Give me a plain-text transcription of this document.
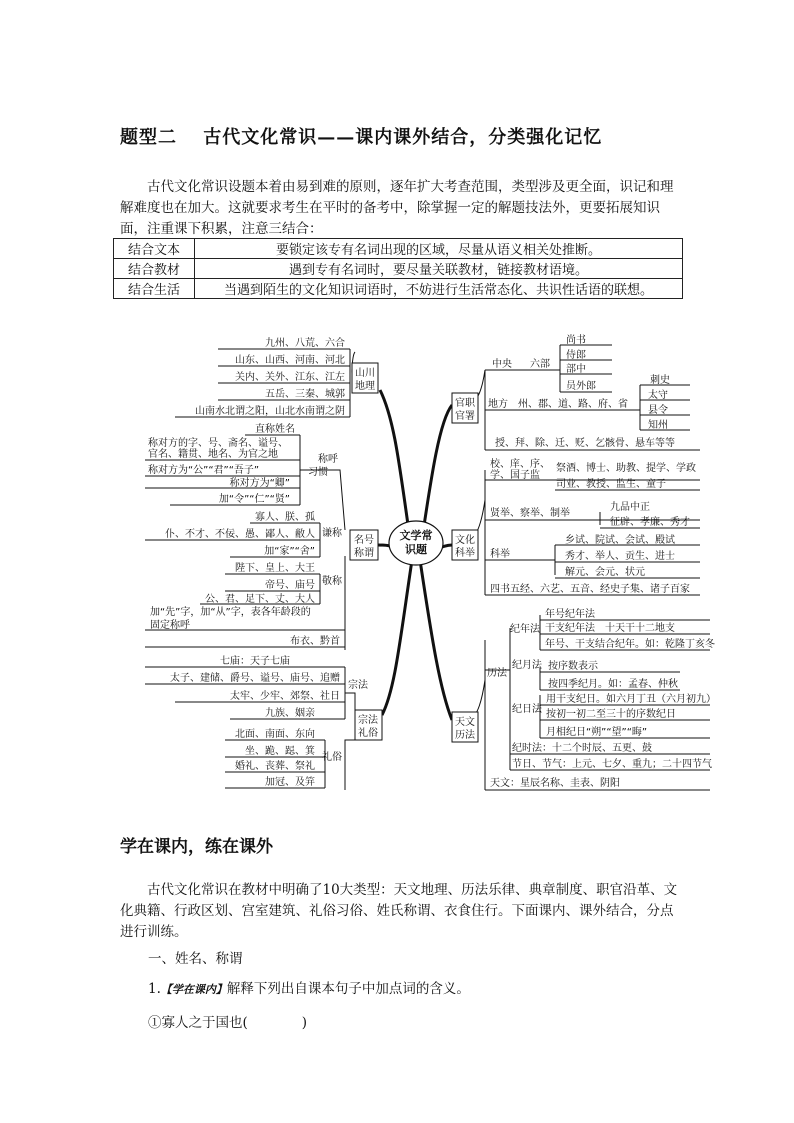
题型二　 古代文化常识——课内课外结合，分类强化记忆
古代文化常识设题本着由易到难的原则，逐年扩大考查范围，类型涉及更全面，识记和理解难度也在加大。这就要求考生在平时的备考中，除掌握一定的解题技法外，更要拓展知识面，注重课下积累，注意三结合：
结合文本	要锁定该专有名词出现的区域，尽量从语义相关处推断。
结合教材	遇到专有名词时，要尽量关联教材，链接教材语境。
结合生活	当遇到陌生的文化知识词语时，不妨进行生活常态化、共识性话语的联想。
文学常
识题
山川
地理
名号
称谓
宗法
礼俗
官职
官署
文化
科举
天文
历法
九州、八荒、六合
山东、山西、河南、河北
关内、关外、江东、江左
五岳、三秦、城郭
山南水北谓之阳，山北水南谓之阴
直称姓名
称对方的字、号、斋名、谥号、
官名、籍贯、地名、为官之地
称对方为“公”“君”“吾子”
称对方为“卿”
加“令”“仁”“贤”
称呼
习惯
寡人、朕、孤
仆、不才、不佞、愚、鄙人、敝人
加“家”“舍”
谦称
陛下、皇上、大王
帝号、庙号
公、君、足下、丈、大人
敬称
加“先”字，加“从”字，表各年龄段的
固定称呼
布衣、黔首
七庙：天子七庙
太子、建储、爵号、谥号、庙号、追赠
太牢、少牢、郊祭、社日
九族、姻亲
宗法
北面、南面、东向
坐、跪、跽、箕
婚礼、丧葬、祭礼
加冠、及笄
礼俗
中央 六部
尚书
侍郎
部中
员外郎
地方 州、郡、道、路、府、省
刺史
太守
县令
知州
授、拜、除、迁、贬、乞骸骨、悬车等等
校、庠、序、
学、国子监
祭酒、博士、助教、提学、学政
司业、教授、监生、童子
贤举、察举、制举
九品中正
征辟、孝廉、秀才
科举
乡试、院试、会试、殿试
秀才、举人、贡生、进士
解元、会元、状元
四书五经、六艺、五音、经史子集、诸子百家
历法
纪年法
年号纪年法
干支纪年法　十天干十二地支
年号、干支结合纪年。如：乾隆丁亥冬
纪月法 按序数表示
按四季纪月。如：孟春、仲秋
纪日法
用干支纪日。如六月丁丑（六月初九）
按初一初二至三十的序数纪日
月相纪日“朔”“望”“晦”
纪时法：十二个时辰、五更、鼓
节日、节气：上元、七夕、重九；二十四节气
天文：星辰名称、圭表、阴阳
学在课内，练在课外
古代文化常识在教材中明确了10大类型：天文地理、历法乐律、典章制度、职官沿革、文化典籍、行政区划、宫室建筑、礼俗习俗、姓氏称谓、衣食住行。下面课内、课外结合，分点进行训练。
一、姓名、称谓
1.【学在课内】解释下列出自课本句子中加点词的含义。
①寡人之于国也(　　　　)
